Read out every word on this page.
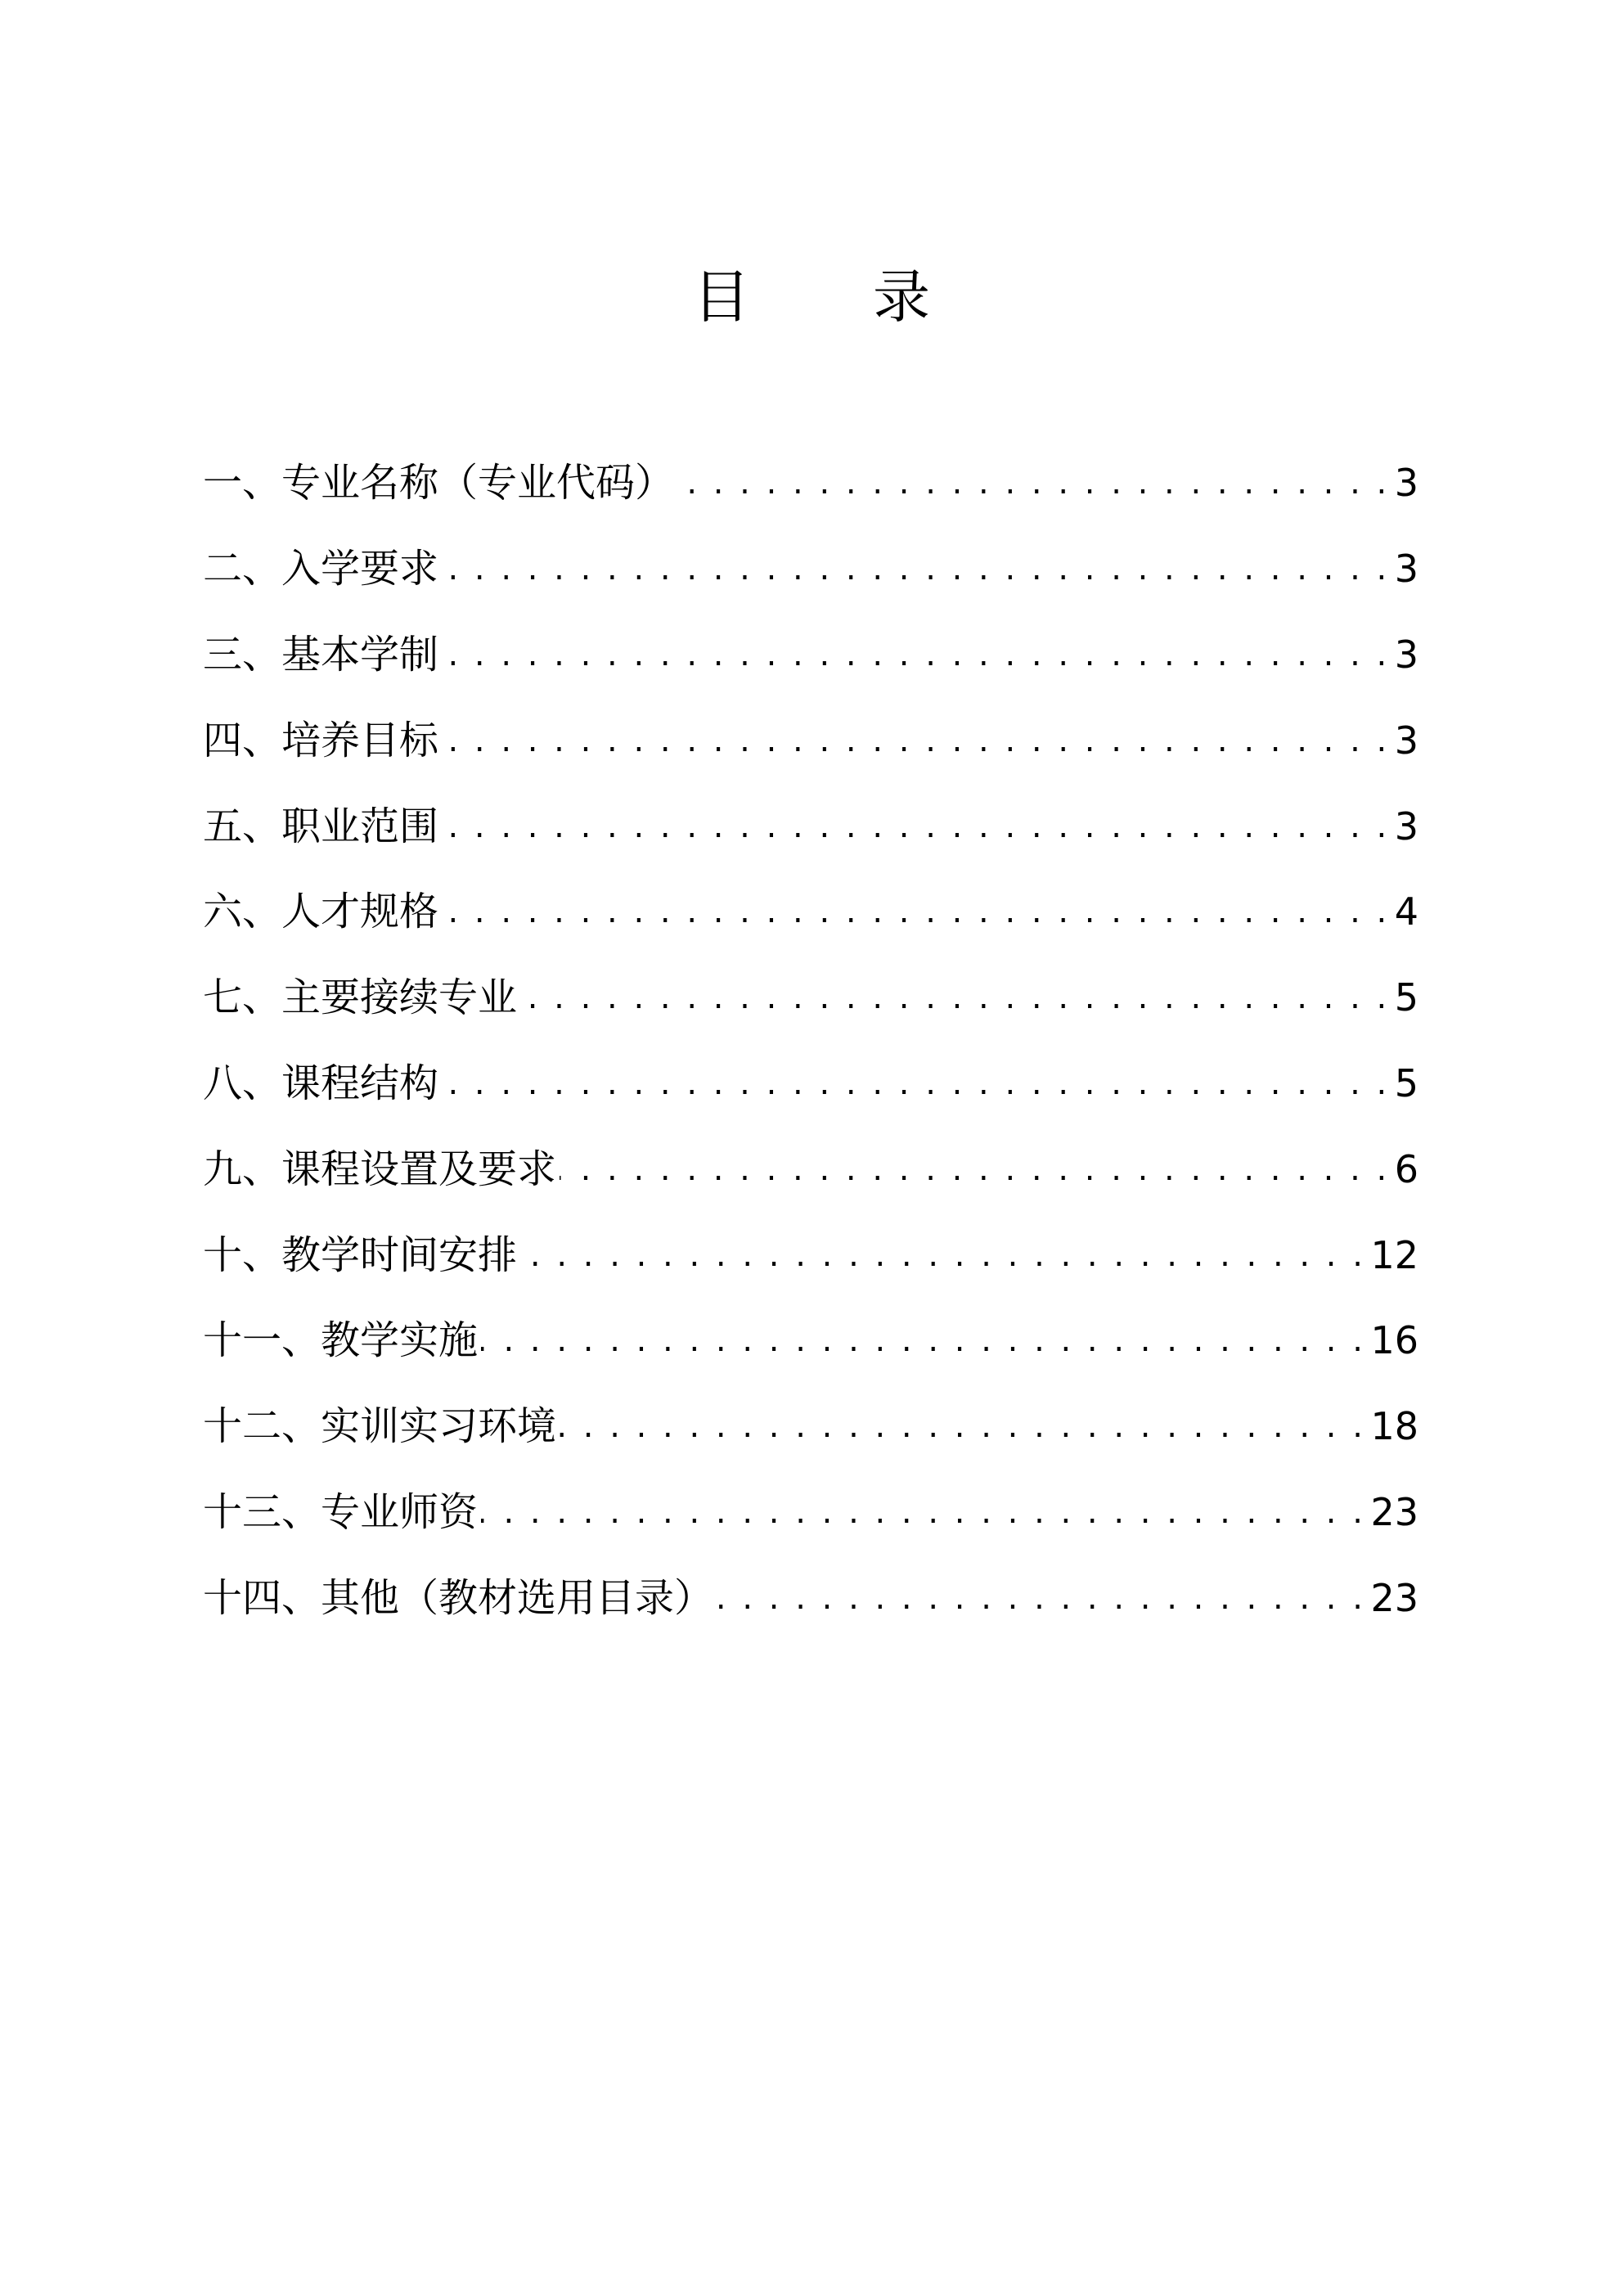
目 录
一、专业名称（专业代码） . . .	3
二、入学要求 . . .	3
三、基本学制 . . .	3
四、培养目标 . . .	3
五、职业范围 . . .	3
六、人才规格 . . .	4
七、主要接续专业 . . .	5
八、课程结构 . . .	5
九、课程设置及要求 . . .	6
十、教学时间安排 . . .	12
十一、教学实施 . . .	16
十二、实训实习环境 . . .	18
十三、专业师资 . . .	23
十四、其他（教材选用目录） . . .	23
